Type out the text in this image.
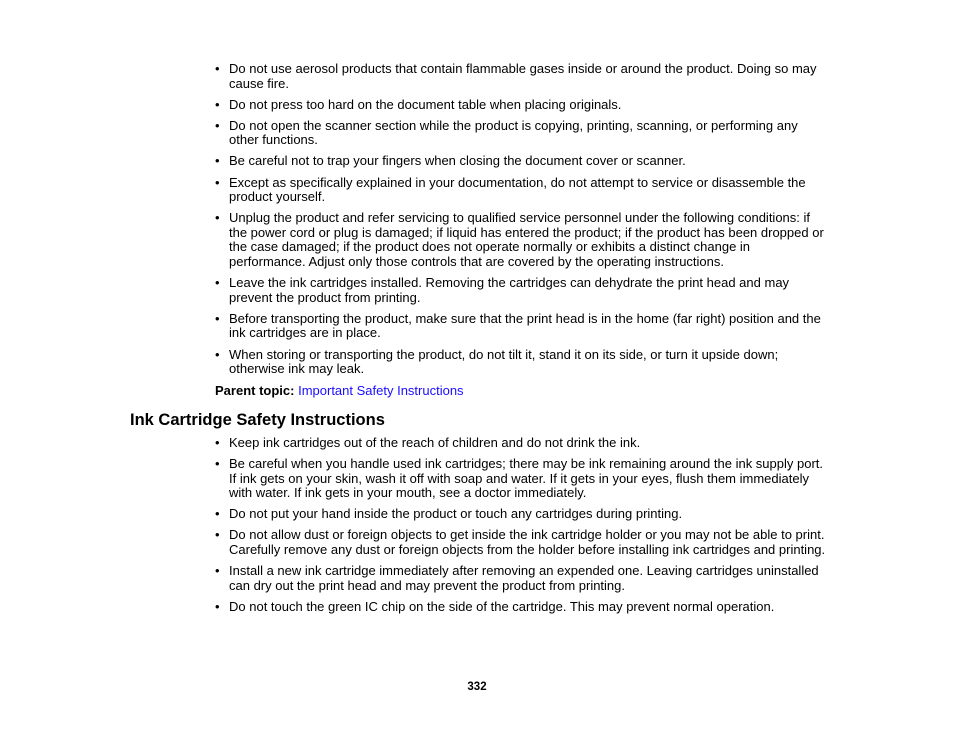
• Do not use aerosol products that contain flammable gases inside or around the product. Doing so may cause fire.
• Do not press too hard on the document table when placing originals.
• Do not open the scanner section while the product is copying, printing, scanning, or performing any other functions.
• Be careful not to trap your fingers when closing the document cover or scanner.
• Except as specifically explained in your documentation, do not attempt to service or disassemble the product yourself.
• Unplug the product and refer servicing to qualified service personnel under the following conditions: if the power cord or plug is damaged; if liquid has entered the product; if the product has been dropped or the case damaged; if the product does not operate normally or exhibits a distinct change in performance. Adjust only those controls that are covered by the operating instructions.
• Leave the ink cartridges installed. Removing the cartridges can dehydrate the print head and may prevent the product from printing.
• Before transporting the product, make sure that the print head is in the home (far right) position and the ink cartridges are in place.
• When storing or transporting the product, do not tilt it, stand it on its side, or turn it upside down; otherwise ink may leak.
Parent topic: Important Safety Instructions
Ink Cartridge Safety Instructions
• Keep ink cartridges out of the reach of children and do not drink the ink.
• Be careful when you handle used ink cartridges; there may be ink remaining around the ink supply port. If ink gets on your skin, wash it off with soap and water. If it gets in your eyes, flush them immediately with water. If ink gets in your mouth, see a doctor immediately.
• Do not put your hand inside the product or touch any cartridges during printing.
• Do not allow dust or foreign objects to get inside the ink cartridge holder or you may not be able to print. Carefully remove any dust or foreign objects from the holder before installing ink cartridges and printing.
• Install a new ink cartridge immediately after removing an expended one. Leaving cartridges uninstalled can dry out the print head and may prevent the product from printing.
• Do not touch the green IC chip on the side of the cartridge. This may prevent normal operation.
332
